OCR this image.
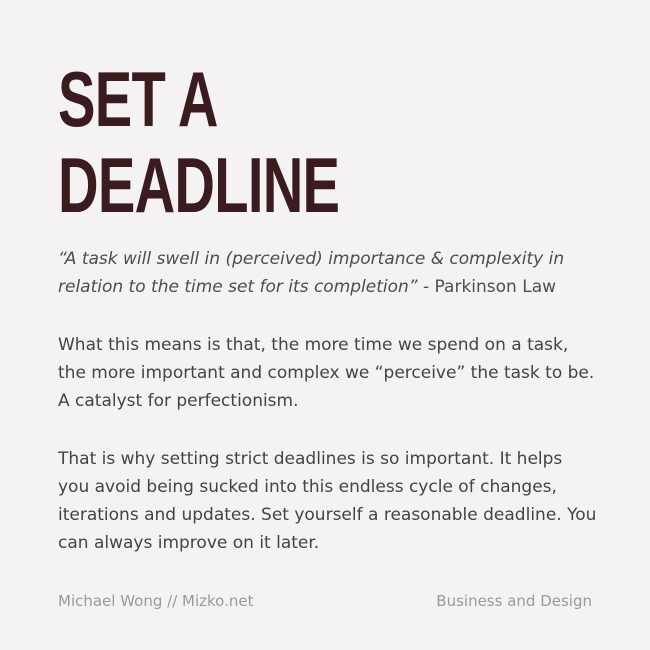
SET A
DEADLINE

“A task will swell in (perceived) importance & complexity in relation to the time set for its completion” - Parkinson Law

What this means is that, the more time we spend on a task, the more important and complex we “perceive” the task to be. A catalyst for perfectionism.

That is why setting strict deadlines is so important. It helps you avoid being sucked into this endless cycle of changes, iterations and updates. Set yourself a reasonable deadline. You can always improve on it later.

Michael Wong // Mizko.net	Business and Design
